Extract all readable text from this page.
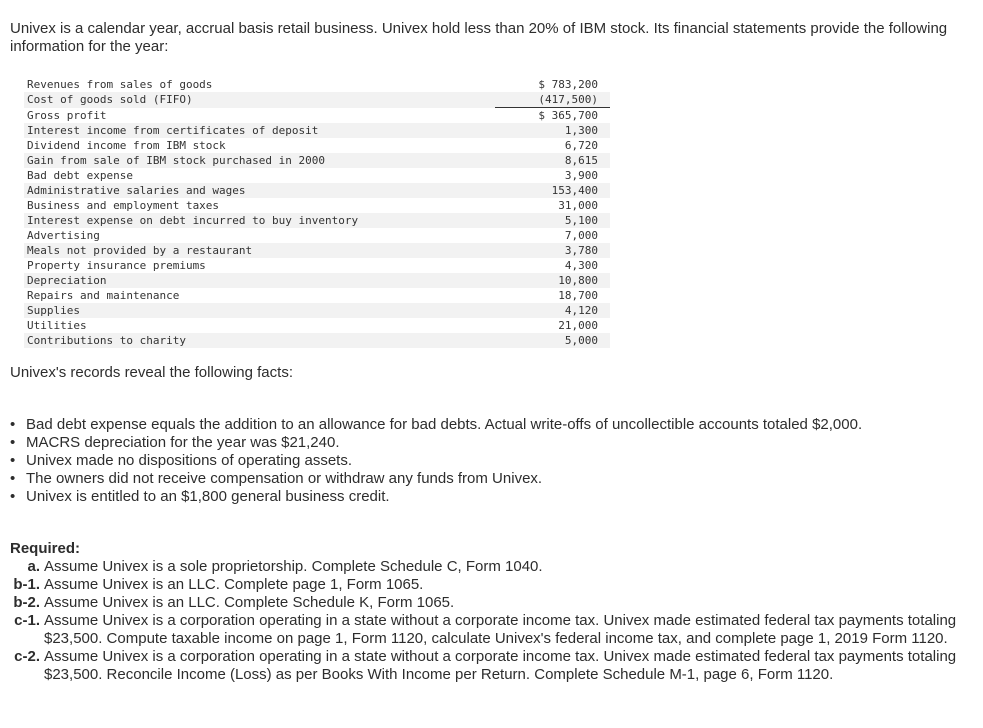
Univex is a calendar year, accrual basis retail business. Univex hold less than 20% of IBM stock. Its financial statements provide the following information for the year:

Revenues from sales of goods	$ 783,200
Cost of goods sold (FIFO)	(417,500)
Gross profit	$ 365,700
Interest income from certificates of deposit	1,300
Dividend income from IBM stock	6,720
Gain from sale of IBM stock purchased in 2000	8,615
Bad debt expense	3,900
Administrative salaries and wages	153,400
Business and employment taxes	31,000
Interest expense on debt incurred to buy inventory	5,100
Advertising	7,000
Meals not provided by a restaurant	3,780
Property insurance premiums	4,300
Depreciation	10,800
Repairs and maintenance	18,700
Supplies	4,120
Utilities	21,000
Contributions to charity	5,000

Univex's records reveal the following facts:

• Bad debt expense equals the addition to an allowance for bad debts. Actual write-offs of uncollectible accounts totaled $2,000.
• MACRS depreciation for the year was $21,240.
• Univex made no dispositions of operating assets.
• The owners did not receive compensation or withdraw any funds from Univex.
• Univex is entitled to an $1,800 general business credit.

Required:

a. Assume Univex is a sole proprietorship. Complete Schedule C, Form 1040.
b-1. Assume Univex is an LLC. Complete page 1, Form 1065.
b-2. Assume Univex is an LLC. Complete Schedule K, Form 1065.
c-1. Assume Univex is a corporation operating in a state without a corporate income tax. Univex made estimated federal tax payments totaling $23,500. Compute taxable income on page 1, Form 1120, calculate Univex's federal income tax, and complete page 1, 2019 Form 1120.
c-2. Assume Univex is a corporation operating in a state without a corporate income tax. Univex made estimated federal tax payments totaling $23,500. Reconcile Income (Loss) as per Books With Income per Return. Complete Schedule M-1, page 6, Form 1120.
